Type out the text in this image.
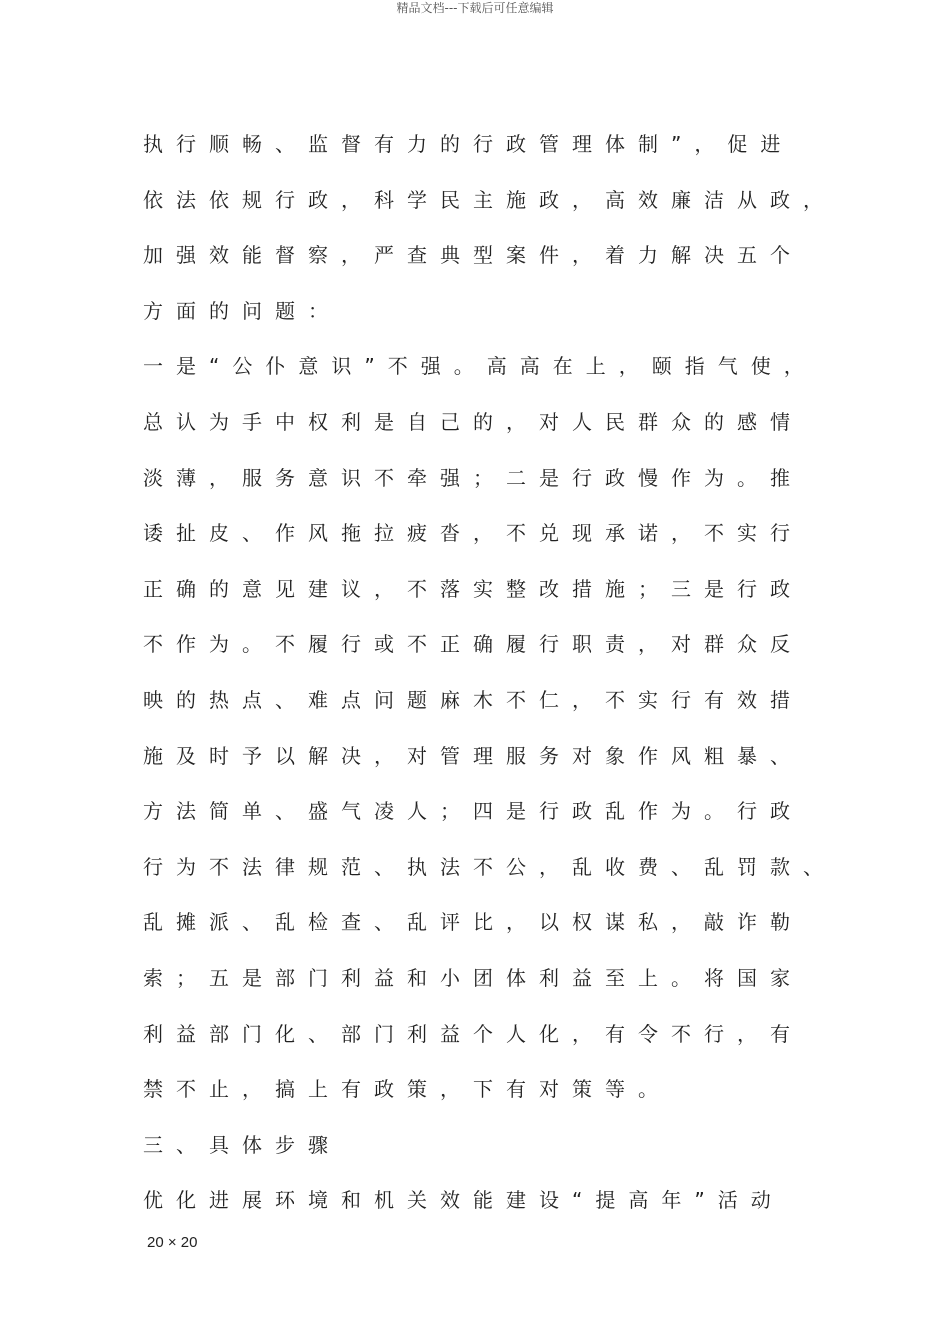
精品文档---下载后可任意编辑
执行顺畅、监督有力的行政管理体制”，促进
依法依规行政，科学民主施政，高效廉洁从政，
加强效能督察，严查典型案件，着力解决五个
方面的问题：
一是“公仆意识”不强。高高在上，颐指气使，
总认为手中权利是自己的，对人民群众的感情
淡薄，服务意识不牵强；二是行政慢作为。推
诿扯皮、作风拖拉疲沓，不兑现承诺，不实行
正确的意见建议，不落实整改措施；三是行政
不作为。不履行或不正确履行职责，对群众反
映的热点、难点问题麻木不仁，不实行有效措
施及时予以解决，对管理服务对象作风粗暴、
方法简单、盛气凌人；四是行政乱作为。行政
行为不法律规范、执法不公，乱收费、乱罚款、
乱摊派、乱检查、乱评比，以权谋私，敲诈勒
索；五是部门利益和小团体利益至上。将国家
利益部门化、部门利益个人化，有令不行，有
禁不止，搞上有政策，下有对策等。
三、具体步骤
优化进展环境和机关效能建设“提高年”活动
20 × 20
